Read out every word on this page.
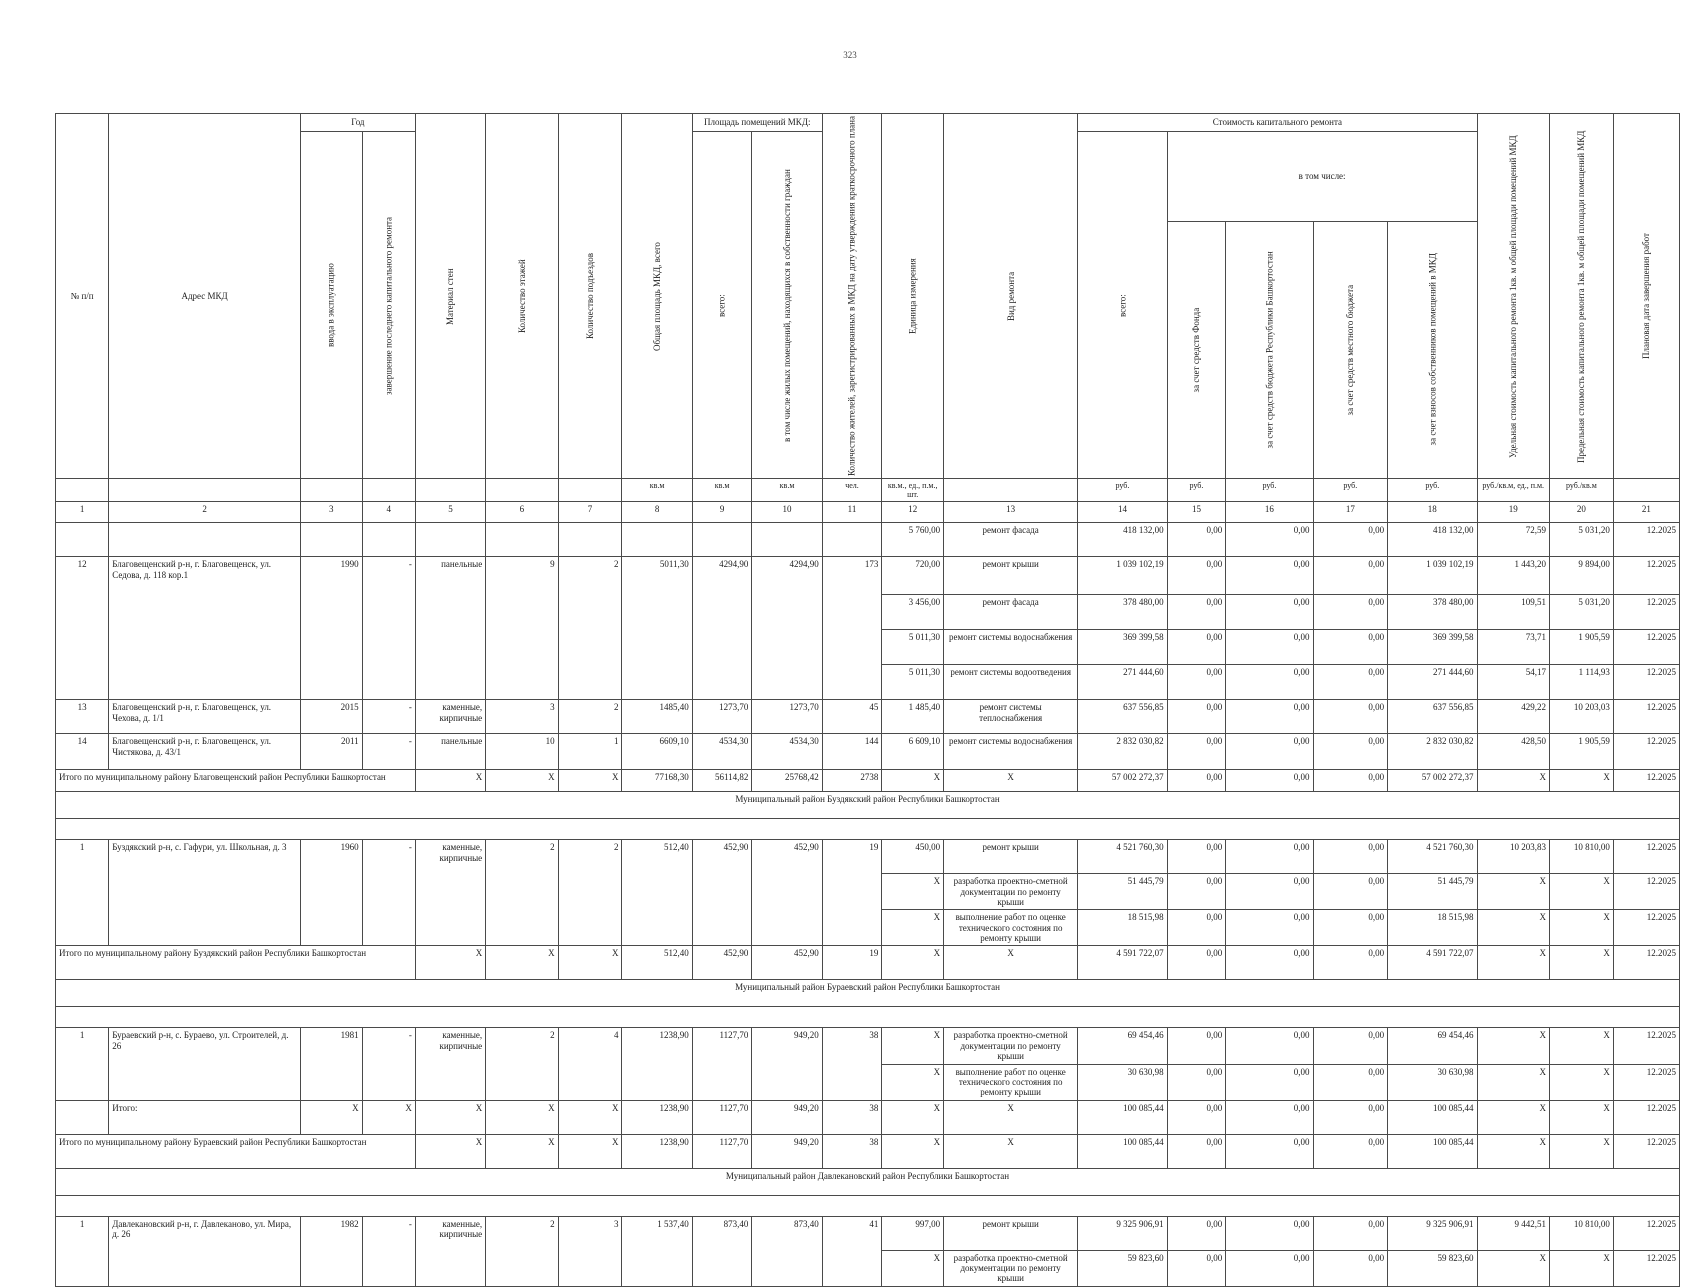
323
№ п/п	Адрес МКД	Год		Материал стен	Количество этажей	Количество подъездов	Общая площадь МКД, всего	Площадь помещений МКД:		Количество жителей, зарегистрированных в МКД на дату утверждения краткосрочного плана	Единица измерения	Вид ремонта	Стоимость капитального ремонта					Удельная стоимость капитального ремонта 1кв. м общей площади помещений МКД	Предельная стоимость капитального ремонта 1кв. м общей площади помещений МКД	Плановая дата завершения работ
		ввода в эксплуатацию	завершение последнего капитального ремонта					всего:	в том числе жилых помещений, находящихся в собственности граждан				всего:	в том числе:						
														за счет средств Фонда	за счет средств бюджета Республики Башкортостан	за счет средств местного бюджета	за счет взносов собственников помещений в МКД			
							кв.м	кв.м	кв.м	чел.	кв.м., ед., п.м., шт.		руб.	руб.	руб.	руб.	руб.	руб./кв.м, ед., п.м.	руб./кв.м	
1	2	3	4	5	6	7	8	9	10	11	12	13	14	15	16	17	18	19	20	21
											5 760,00	ремонт фасада	418 132,00	0,00	0,00	0,00	418 132,00	72,59	5 031,20	12.2025
12	Благовещенский р-н, г. Благовещенск, ул. Седова, д. 118 кор.1	1990	-	панельные	9	2	5011,30	4294,90	4294,90	173	720,00	ремонт крыши	1 039 102,19	0,00	0,00	0,00	1 039 102,19	1 443,20	9 894,00	12.2025
											3 456,00	ремонт фасада	378 480,00	0,00	0,00	0,00	378 480,00	109,51	5 031,20	12.2025
											5 011,30	ремонт системы водоснабжения	369 399,58	0,00	0,00	0,00	369 399,58	73,71	1 905,59	12.2025
											5 011,30	ремонт системы водоотведения	271 444,60	0,00	0,00	0,00	271 444,60	54,17	1 114,93	12.2025
13	Благовещенский р-н, г. Благовещенск, ул. Чехова, д. 1/1	2015	-	каменные, кирпичные	3	2	1485,40	1273,70	1273,70	45	1 485,40	ремонт системы теплоснабжения	637 556,85	0,00	0,00	0,00	637 556,85	429,22	10 203,03	12.2025
14	Благовещенский р-н, г. Благовещенск, ул. Чистякова, д. 43/1	2011	-	панельные	10	1	6609,10	4534,30	4534,30	144	6 609,10	ремонт системы водоснабжения	2 832 030,82	0,00	0,00	0,00	2 832 030,82	428,50	1 905,59	12.2025
Итого по муниципальному району Благовещенский район Республики Башкортостан				X	X	X	77168,30	56114,82	25768,42	2738	X	X	57 002 272,37	0,00	0,00	0,00	57 002 272,37	X	X	12.2025
Муниципальный район Буздякский район Республики Башкортостан																				

1	Буздякский р-н, с. Гафури, ул. Школьная, д. 3	1960	-	каменные, кирпичные	2	2	512,40	452,90	452,90	19	450,00	ремонт крыши	4 521 760,30	0,00	0,00	0,00	4 521 760,30	10 203,83	10 810,00	12.2025
											X	разработка проектно-сметной документации по ремонту крыши	51 445,79	0,00	0,00	0,00	51 445,79	X	X	12.2025
											X	выполнение работ по оценке технического состояния по ремонту крыши	18 515,98	0,00	0,00	0,00	18 515,98	X	X	12.2025
Итого по муниципальному району Буздякский район Республики Башкортостан				X	X	X	512,40	452,90	452,90	19	X	X	4 591 722,07	0,00	0,00	0,00	4 591 722,07	X	X	12.2025
Муниципальный район Бураевский район Республики Башкортостан																				

1	Бураевский р-н, с. Бураево, ул. Строителей, д. 26	1981	-	каменные, кирпичные	2	4	1238,90	1127,70	949,20	38	X	разработка проектно-сметной документации по ремонту крыши	69 454,46	0,00	0,00	0,00	69 454,46	X	X	12.2025
											X	выполнение работ по оценке технического состояния по ремонту крыши	30 630,98	0,00	0,00	0,00	30 630,98	X	X	12.2025
	Итого:	X	X	X	X	X	1238,90	1127,70	949,20	38	X	X	100 085,44	0,00	0,00	0,00	100 085,44	X	X	12.2025
Итого по муниципальному району Бураевский район Республики Башкортостан				X	X	X	1238,90	1127,70	949,20	38	X	X	100 085,44	0,00	0,00	0,00	100 085,44	X	X	12.2025
Муниципальный район Давлекановский район Республики Башкортостан																				

1	Давлекановский р-н, г. Давлеканово, ул. Мира, д. 26	1982	-	каменные, кирпичные	2	3	1 537,40	873,40	873,40	41	997,00	ремонт крыши	9 325 906,91	0,00	0,00	0,00	9 325 906,91	9 442,51	10 810,00	12.2025
											X	разработка проектно-сметной документации по ремонту крыши	59 823,60	0,00	0,00	0,00	59 823,60	X	X	12.2025
